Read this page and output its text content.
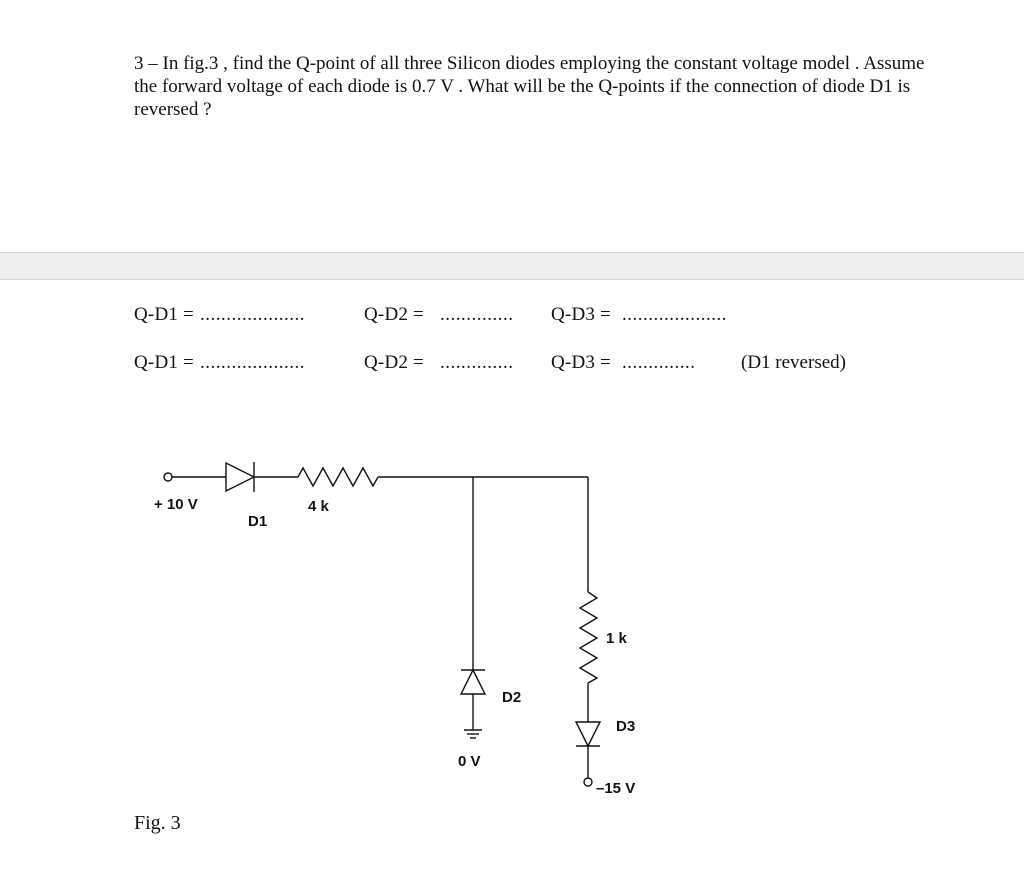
3 – In fig.3 , find the Q-point of all three Silicon diodes employing the constant voltage model . Assume the forward voltage of each diode is 0.7 V . What will be the Q-points if the connection of diode D1 is reversed ?

Q-D1 = ....................	Q-D2 = .............. Q-D3 = ....................
Q-D1 = ....................	Q-D2 = .............. Q-D3 = .............. (D1 reversed)
+ 10 V
D1
4 k
1 k
D2
D3
0 V
–15 V
Fig. 3
